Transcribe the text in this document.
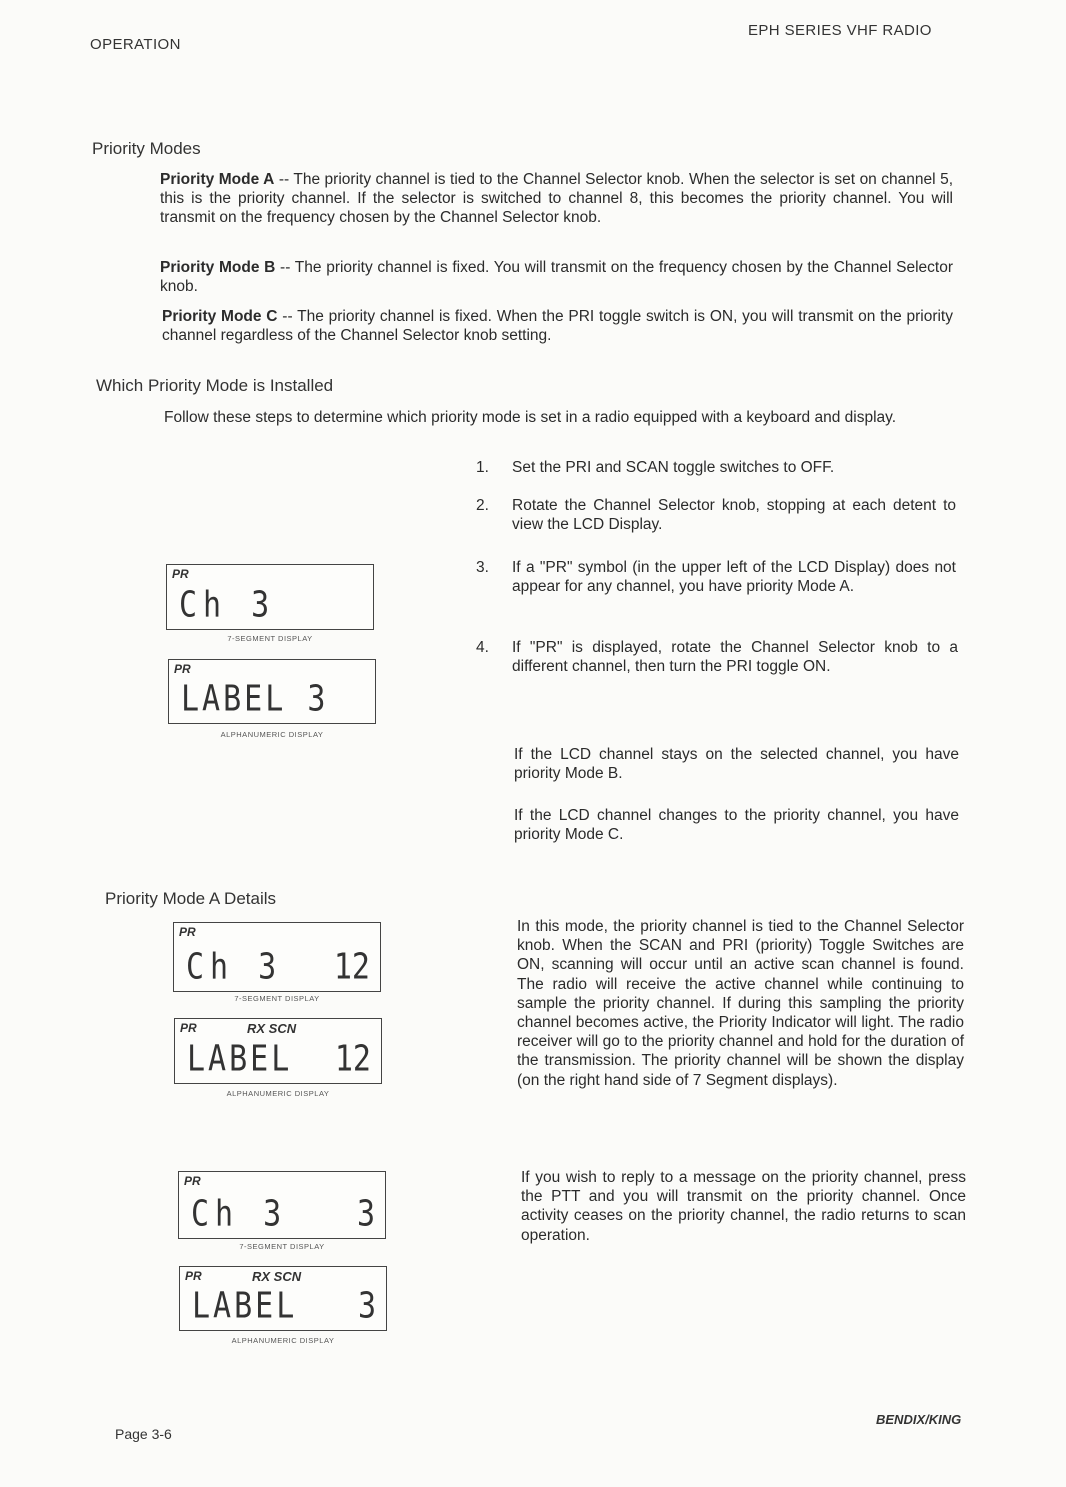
OPERATION
EPH SERIES VHF RADIO
Priority Modes
Priority Mode A -- The priority channel is tied to the Channel Selector knob. When the selector is set on channel 5, this is the priority channel. If the selector is switched to channel 8, this becomes the priority channel. You will transmit on the frequency chosen by the Channel Selector knob.
Priority Mode B -- The priority channel is fixed. You will transmit on the frequency chosen by the Channel Selector knob.
Priority Mode C -- The priority channel is fixed. When the PRI toggle switch is ON, you will transmit on the priority channel regardless of the Channel Selector knob setting.
Which Priority Mode is Installed
Follow these steps to determine which priority mode is set in a radio equipped with a keyboard and display.
1. Set the PRI and SCAN toggle switches to OFF.
2. Rotate the Channel Selector knob, stopping at each detent to view the LCD Display.
3. If a "PR" symbol (in the upper left of the LCD Display) does not appear for any channel, you have priority Mode A.
4. If "PR" is displayed, rotate the Channel Selector knob to a different channel, then turn the PRI toggle ON.
If the LCD channel stays on the selected channel, you have priority Mode B.
If the LCD channel changes to the priority channel, you have priority Mode C.
PR
Ch 3
7-SEGMENT DISPLAY
PR
LABEL 3
ALPHANUMERIC DISPLAY
Priority Mode A Details
PR
Ch 3 12
7-SEGMENT DISPLAY
PR	RX SCN
LABEL 12
ALPHANUMERIC DISPLAY
PR
Ch 3 3
7-SEGMENT DISPLAY
PR	RX SCN
LABEL 3
ALPHANUMERIC DISPLAY
In this mode, the priority channel is tied to the Channel Selector knob. When the SCAN and PRI (priority) Toggle Switches are ON, scanning will occur until an active scan channel is found. The radio will receive the active channel while continuing to sample the priority channel. If during this sampling the priority channel becomes active, the Priority Indicator will light. The radio receiver will go to the priority channel and hold for the duration of the transmission. The priority channel will be shown the display (on the right hand side of 7 Segment displays).
If you wish to reply to a message on the priority channel, press the PTT and you will transmit on the priority channel. Once activity ceases on the priority channel, the radio returns to scan operation.
Page 3-6
BENDIX/KING
